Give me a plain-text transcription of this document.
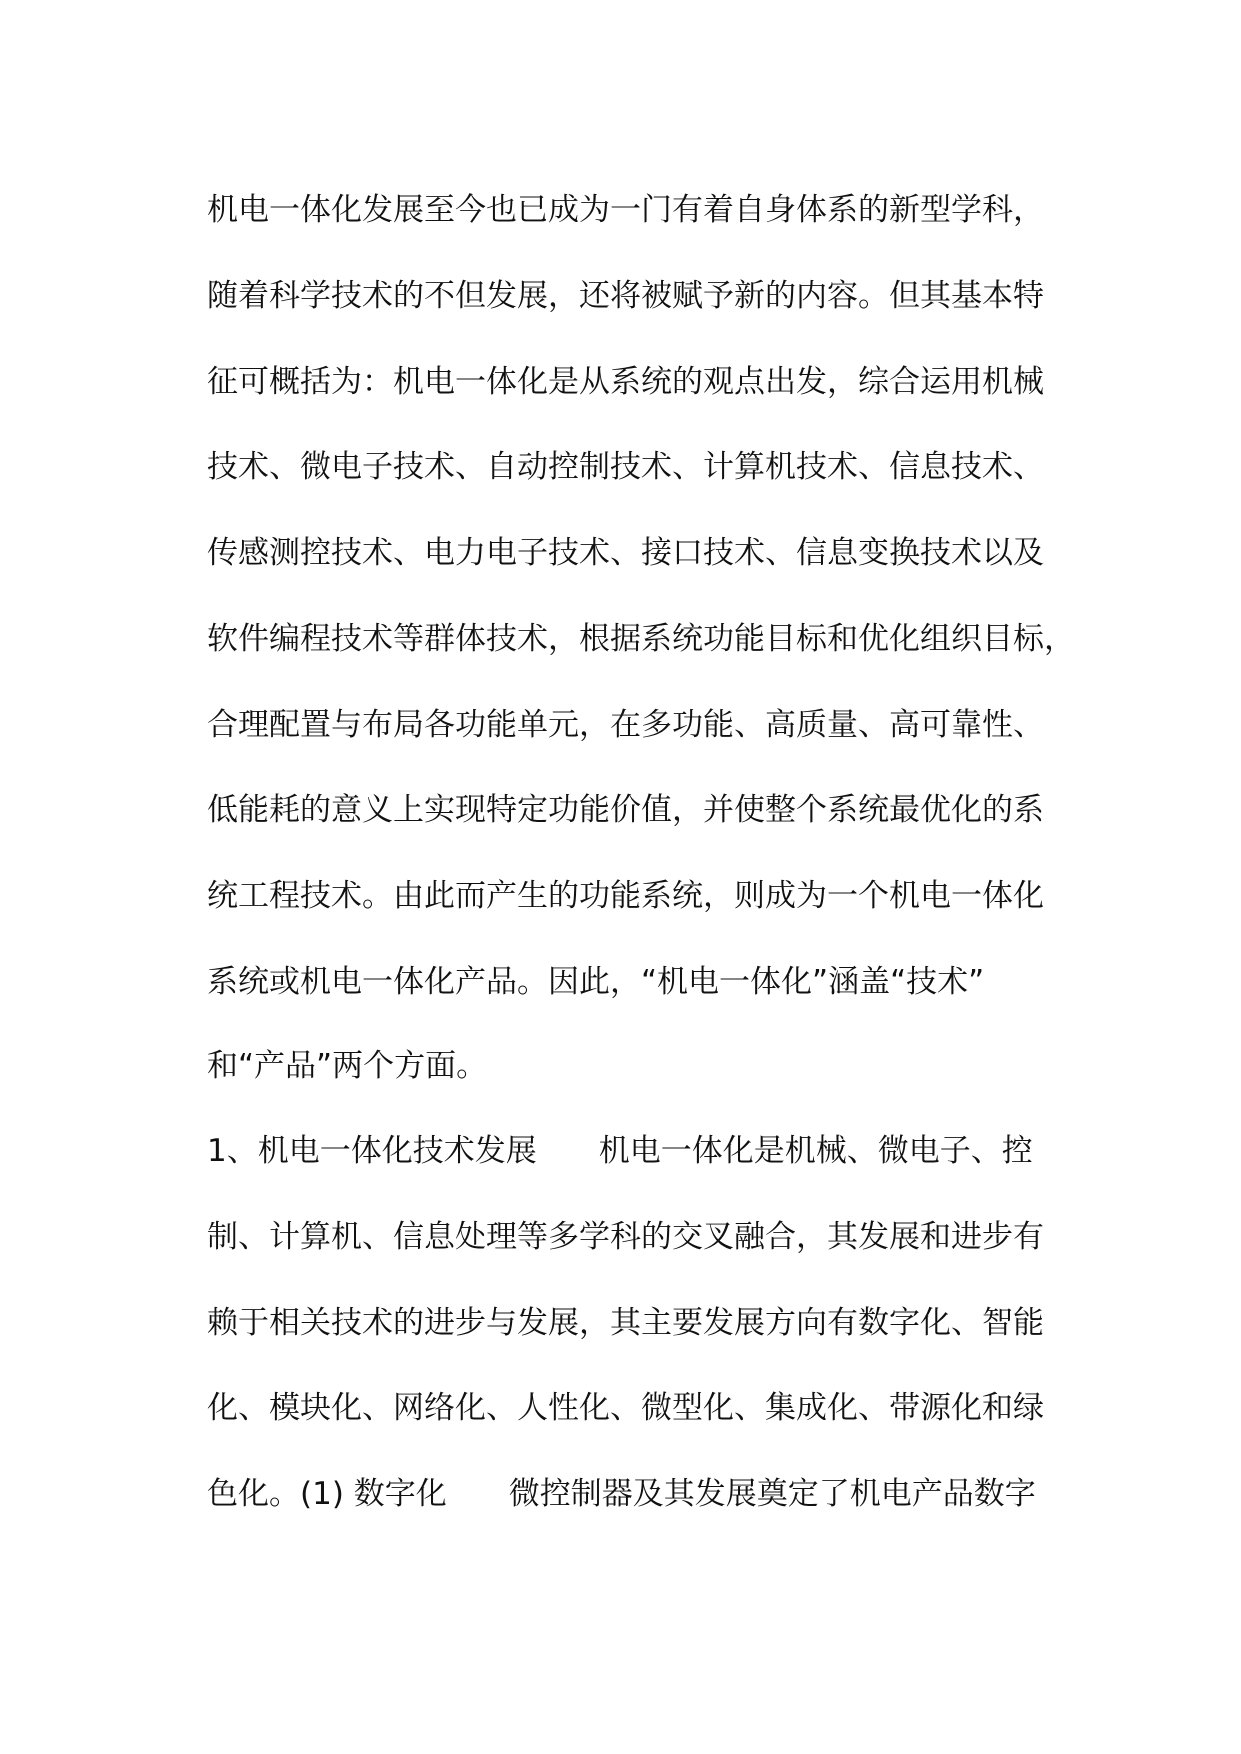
机电一体化发展至今也已成为一门有着自身体系的新型学科，
随着科学技术的不但发展，还将被赋予新的内容。但其基本特
征可概括为：机电一体化是从系统的观点出发，综合运用机械
技术、微电子技术、自动控制技术、计算机技术、信息技术、
传感测控技术、电力电子技术、接口技术、信息变换技术以及
软件编程技术等群体技术，根据系统功能目标和优化组织目标，
合理配置与布局各功能单元，在多功能、高质量、高可靠性、
低能耗的意义上实现特定功能价值，并使整个系统最优化的系
统工程技术。由此而产生的功能系统，则成为一个机电一体化
系统或机电一体化产品。因此，“机电一体化”涵盖“技术”
和“产品”两个方面。
1、机电一体化技术发展　　机电一体化是机械、微电子、控
制、计算机、信息处理等多学科的交叉融合，其发展和进步有
赖于相关技术的进步与发展，其主要发展方向有数字化、智能
化、模块化、网络化、人性化、微型化、集成化、带源化和绿
色化。(1) 数字化　　微控制器及其发展奠定了机电产品数字
